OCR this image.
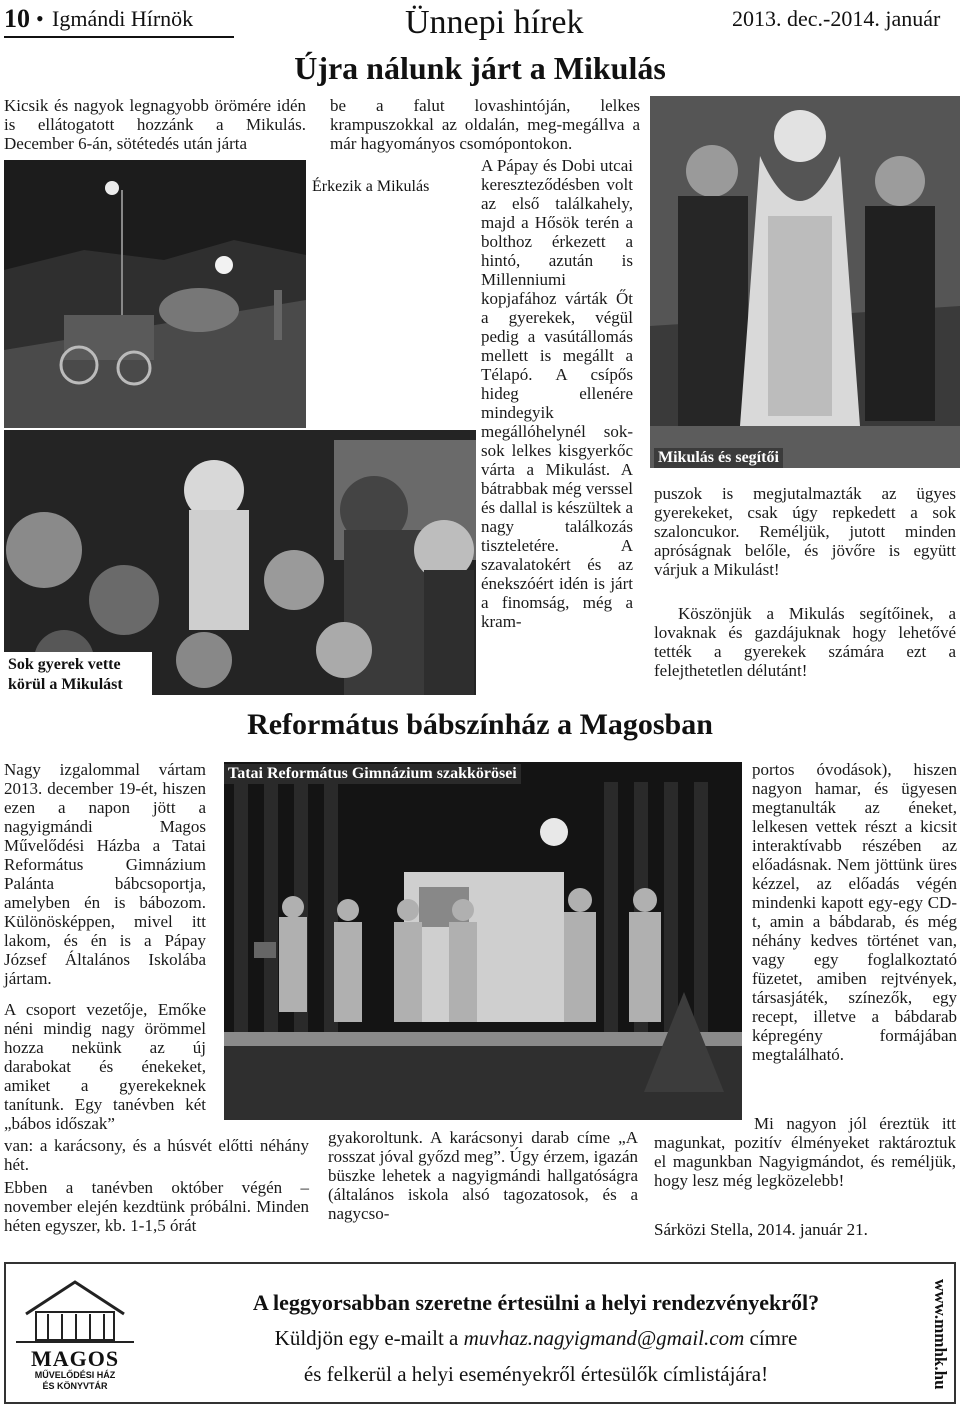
10 • Igmándi Hírnök	Ünnepi hírek	2013. dec.-2014. január
Újra nálunk járt a Mikulás
Kicsik és nagyok legnagyobb örömére idén is ellátogatott hozzánk a Mikulás. December 6-án, sötétedés után járta
Sok gyerek vette körül a Mikulást
be a falut lovashintóján, lelkes krampuszokkal az oldalán, meg-megállva a már hagyományos csomópontokon.
Érkezik a Mikulás
A Pápay és Dobi utcai kereszteződésben volt az első találkahely, majd a Hősök terén a bolthoz érkezett a hintó, azután is Millenniumi kopjafához várták Őt a gyerekek, végül pedig a vasútállomás mellett is megállt a Télapó. A csípős hideg ellenére mindegyik megállóhelynél sok-sok lelkes kisgyerkőc várta a Mikulást. A bátrabbak még verssel és dallal is készültek a nagy találkozás tiszteletére. A szavalatokért és az énekszóért idén is járt a finomság, még a kram-
Mikulás és segítői
puszok is megjutalmazták az ügyes gyerekeket, csak úgy repkedett a sok szaloncukor. Reméljük, jutott minden apróságnak belőle, és jövőre is együtt várjuk a Mikulást!
Köszönjük a Mikulás segítőinek, a lovaknak és gazdájuknak hogy lehetővé tették a gyerekek számára ezt a felejthetetlen délutánt!
Református bábszínház a Magosban
Nagy izgalommal vártam 2013. december 19-ét, hiszen ezen a napon jött a nagyigmándi Magos Művelődési Házba a Tatai Református Gimnázium Palánta bábcsoportja, amelyben én is bábozom. Különösképpen, mivel itt lakom, és én is a Pápay József Általános Iskolába jártam.
A csoport vezetője, Emőke néni mindig nagy örömmel hozza nekünk az új darabokat és énekeket, amiket a gyerekeknek tanítunk. Egy tanévben két „bábos időszak”
van: a karácsony, és a húsvét előtti néhány hét.
Ebben a tanévben október végén – november elején kezdtünk próbálni. Minden héten egyszer, kb. 1-1,5 órát
Tatai Református Gimnázium szakkörösei
gyakoroltunk. A karácsonyi darab címe „A rosszat jóval győzd meg”. Úgy érzem, igazán büszke lehetek a nagyigmándi hallgatóságra (általános iskola alsó tagozatosok, és a nagycso-
portos óvodások), hiszen nagyon hamar, és ügyesen megtanulták az éneket, lelkesen vettek részt a kicsit interaktívabb részében az előadásnak. Nem jöttünk üres kézzel, az előadás végén mindenki kapott egy-egy CD-t, amin a bábdarab, és még néhány kedves történet van, vagy egy foglalkoztató füzetet, amiben rejtvények, társasjáték, színezők, egy recept, illetve a bábdarab képregény formájában megtalálható.
Mi nagyon jól éreztük itt magunkat, pozitív élményeket raktároztuk el magunkban Nagyigmándot, és reméljük, hogy lesz még legközelebb!
Sárközi Stella, 2014. január 21.
MAGOS
MŰVELŐDÉSI HÁZ
ÉS KÖNYVTÁR
A leggyorsabban szeretne értesülni a helyi rendezvényekről?
Küldjön egy e-mailt a muvhaz.nagyigmand@gmail.com címre
és felkerül a helyi eseményekről értesülők címlistájára!	www.mmhk.hu
